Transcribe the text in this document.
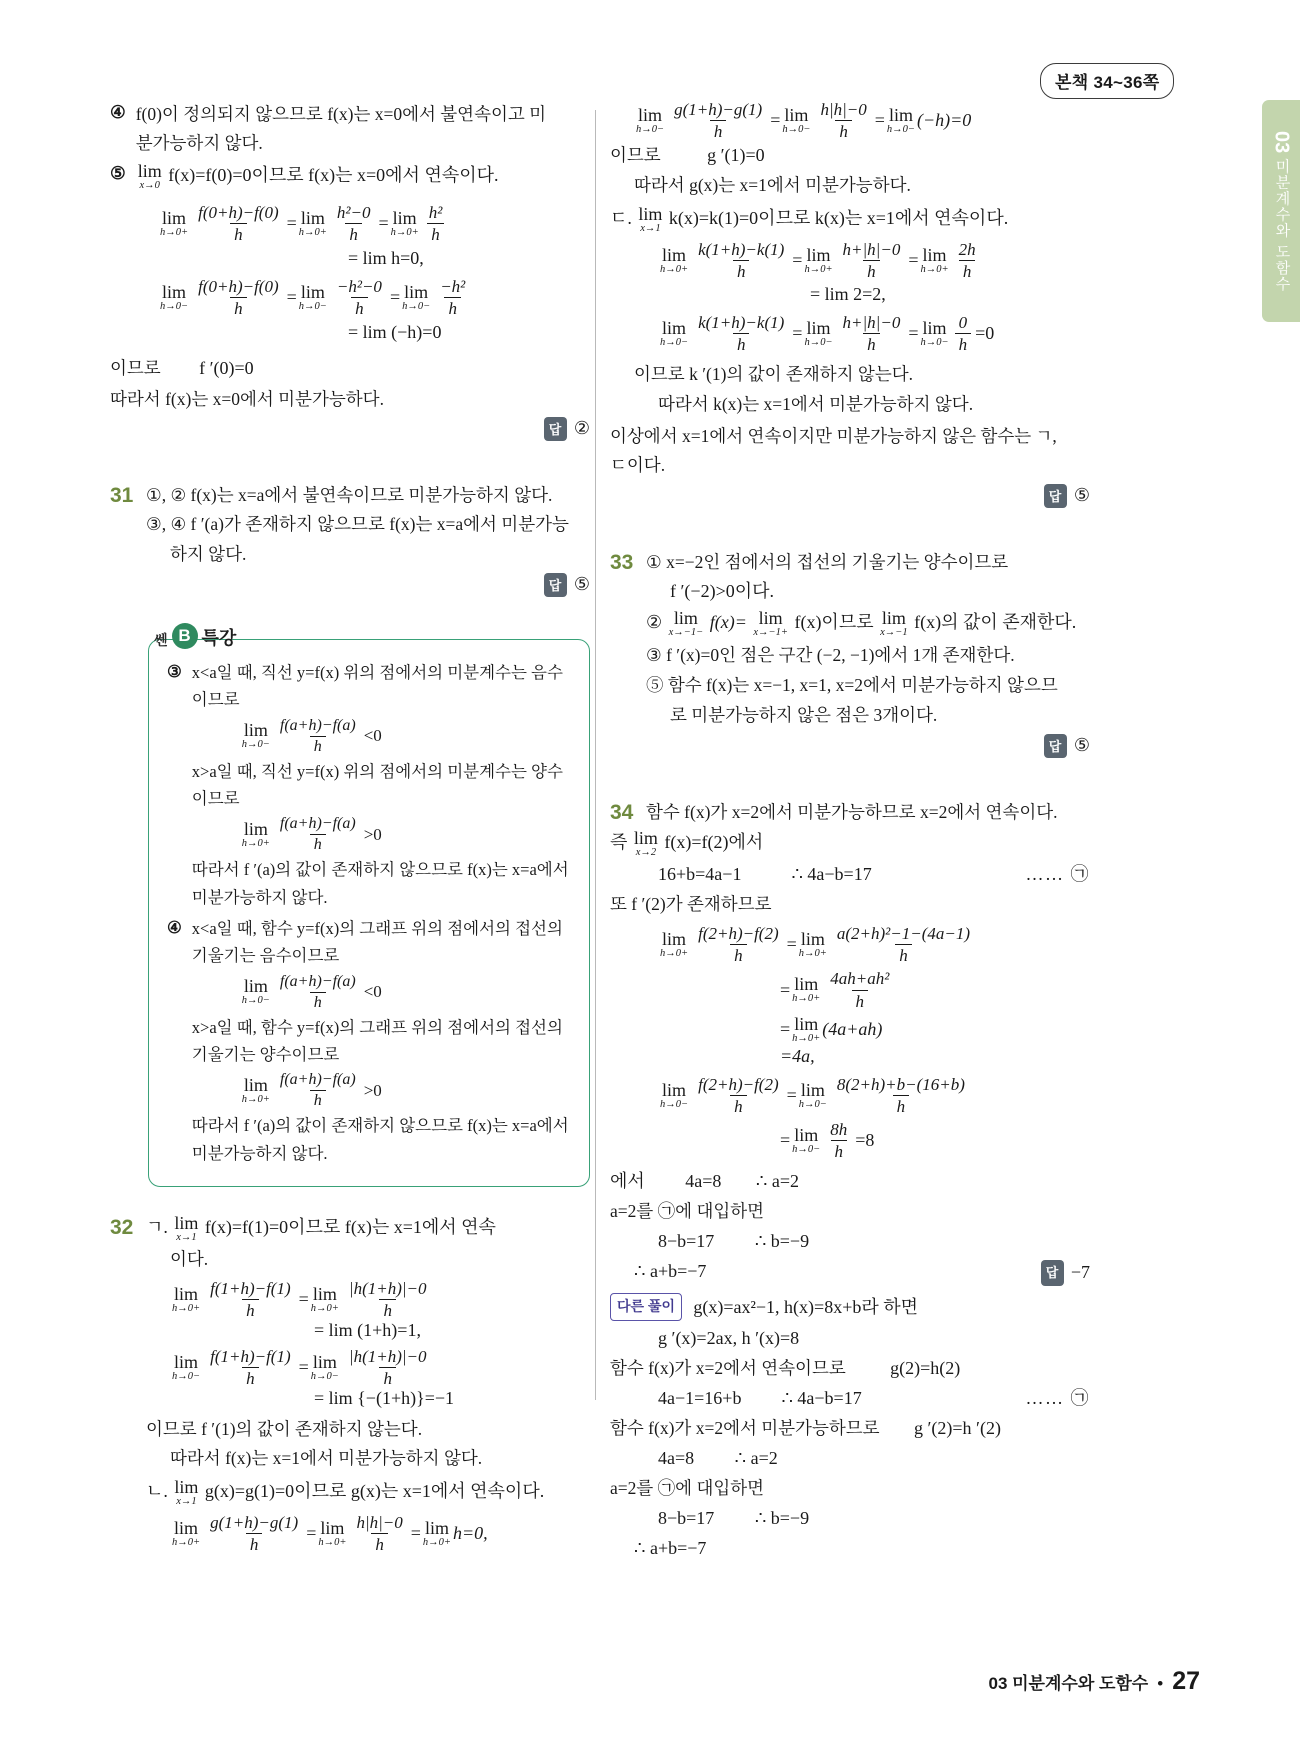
본책 34~36쪽
03 미분계수와 도함수
④ f(0)이 정의되지 않으므로 f(x)는 x=0에서 불연속이고 미
분가능하지 않다.
⑤ lim
x→0
f(x)=f(0)=0이므로 f(x)는 x=0에서 연속이다.
lim
$h\to 0+ \frac{f(0+h)-f(0)}{h} = \lim$
$h\to 0+ \frac{\text{h²−0}}{h} = \lim$
$h\to 0+ \frac{\text{h²}}{h}$
= lim h=0,
lim
$h\to 0- \frac{f(0+h)-f(0)}{h} = \lim$
$h\to 0- \frac{\text{−h²−0}}{h} = \lim$
$h\to 0- \frac{\text{−h²}}{h}$
= lim (−h)=0
이므로 f ′(0)=0
따라서 f(x)는 x=0에서 미분가능하다.
답 ②
31 ①, ② f(x)는 x=a에서 불연속이므로 미분가능하지 않다.
③, ④ f ′(a)가 존재하지 않으므로 f(x)는 x=a에서 미분가능
하지 않다.
답 ⑤
쎈 B 특강
③ x<a일 때, 직선 y=f(x) 위의 점에서의 미분계수는 음수
이므로
lim
$h\to 0- \frac{f(a+h)-f(a)}{h} <0$
x>a일 때, 직선 y=f(x) 위의 점에서의 미분계수는 양수
이므로
lim
$h\to 0+ \frac{f(a+h)-f(a)}{h} >0$
따라서 f ′(a)의 값이 존재하지 않으므로 f(x)는 x=a에서
미분가능하지 않다.
④ x<a일 때, 함수 y=f(x)의 그래프 위의 점에서의 접선의
기울기는 음수이므로
lim
$h\to 0- \frac{f(a+h)-f(a)}{h} <0$
x>a일 때, 함수 y=f(x)의 그래프 위의 점에서의 접선의
기울기는 양수이므로
lim
$h\to 0+ \frac{f(a+h)-f(a)}{h} >0$
따라서 f ′(a)의 값이 존재하지 않으므로 f(x)는 x=a에서
미분가능하지 않다.
32 ㄱ. lim
x→1
f(x)=f(1)=0이므로 f(x)는 x=1에서 연속
이다.
lim
$h\to 0+ \frac{f(1+h)-f(1)}{h} = \lim$
$h\to 0+ \frac{|h(1+h)|-0}{h}$
= lim (1+h)=1,
lim
$h\to 0- \frac{f(1+h)-f(1)}{h} = \lim$
$h\to 0- \frac{|h(1+h)|-0}{h}$
= lim {−(1+h)}=−1
이므로 f ′(1)의 값이 존재하지 않는다.
따라서 f(x)는 x=1에서 미분가능하지 않다.
ㄴ. lim
x→1
g(x)=g(1)=0이므로 g(x)는 x=1에서 연속이다.
lim
$h\to 0+ \frac{g(1+h)-g(1)}{h} = \lim$
$h\to 0+ \frac{h|h|-0}{h} = \lim$
h→0+ h=0,
lim
$h\to 0- \frac{g(1+h)-g(1)}{h} = \lim$
$h\to 0- \frac{h|h|-0}{h} = \lim$
h→0− (−h)=0
이므로	g ′(1)=0
따라서 g(x)는 x=1에서 미분가능하다.
ㄷ. lim
x→1
k(x)=k(1)=0이므로 k(x)는 x=1에서 연속이다.
lim
$h\to 0+ \frac{k(1+h)-k(1)}{h} = \lim$
$h\to 0+ \frac{h+|h|-0}{h} = \lim$
$h\to 0+ \frac{2h}{h}$
= lim 2=2,
lim
$h\to 0- \frac{k(1+h)-k(1)}{h} = \lim$
$h\to 0- \frac{h+|h|-0}{h} = \lim$
$h\to 0- \frac{0}{h} =0$
이므로 k ′(1)의 값이 존재하지 않는다.
따라서 k(x)는 x=1에서 미분가능하지 않다.
이상에서 x=1에서 연속이지만 미분가능하지 않은 함수는 ㄱ,
ㄷ이다.
답 ⑤
33 ① x=−2인 점에서의 접선의 기울기는 양수이므로
f ′(−2)>0이다.
② lim
x→−1−
f(x)= lim
x→−1+
f(x)이므로 lim
x→−1
f(x)의 값이 존재한다.
③ f ′(x)=0인 점은 구간 (−2, −1)에서 1개 존재한다.
⑤ 함수 f(x)는 x=−1, x=1, x=2에서 미분가능하지 않으므
로 미분가능하지 않은 점은 3개이다.
답 ⑤
34 함수 f(x)가 x=2에서 미분가능하므로 x=2에서 연속이다.
즉 lim
x→2
f(x)=f(2)에서
16+b=4a−1	∴ 4a−b=17	…… ㉠
또 f ′(2)가 존재하므로
lim
$h\to 0+ \frac{f(2+h)-f(2)}{h} = \lim$
$h\to 0+ \frac{\text{a(2+h)²−1−(4a−1)}}{h}$
= lim
$h\to 0+ \frac{\text{4ah+ah²}}{h}$
= lim
h→0+ (4a+ah)
=4a,
lim
$h\to 0- \frac{f(2+h)-f(2)}{h} = \lim$
$h\to 0- \frac{8(2+h)+b-(16+b)}{h}$
= lim
$h\to 0- \frac{8h}{h} =8$
에서 4a=8 ∴ a=2
a=2를 ㉠에 대입하면
8−b=17 ∴ b=−9
∴ a+b=−7	답 −7
다른 풀이 g(x)=ax²−1, h(x)=8x+b라 하면
g ′(x)=2ax, h ′(x)=8
함수 f(x)가 x=2에서 연속이므로 g(2)=h(2)
4a−1=16+b	∴ 4a−b=17	…… ㉠
함수 f(x)가 x=2에서 미분가능하므로 g ′(2)=h ′(2)
4a=8 ∴ a=2
a=2를 ㉠에 대입하면
8−b=17 ∴ b=−9
∴ a+b=−7
03 미분계수와 도함수 • 27
